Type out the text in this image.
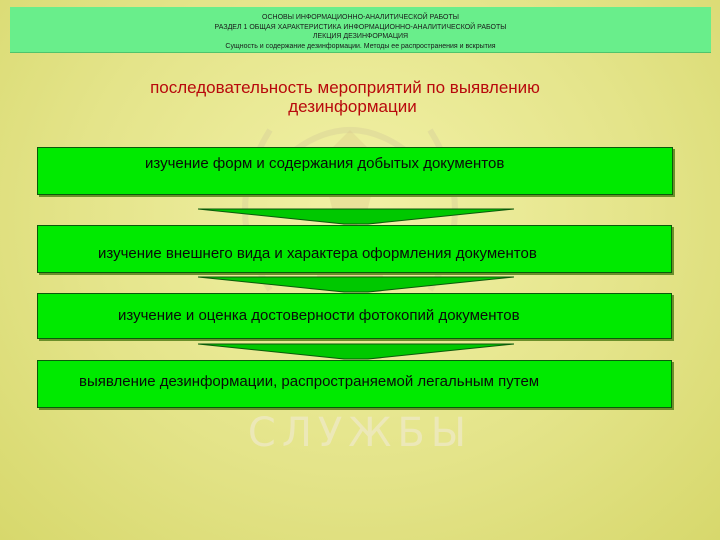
ОСНОВЫ ИНФОРМАЦИОННО-АНАЛИТИЧЕСКОЙ РАБОТЫ
РАЗДЕЛ 1 ОБЩАЯ ХАРАКТЕРИСТИКА ИНФОРМАЦИОННО-АНАЛИТИЧЕСКОЙ РАБОТЫ
ЛЕКЦИЯ ДЕЗИНФОРМАЦИЯ
Сущность и содержание дезинформации. Методы ее распространения и вскрытия
СЛУЖБЫ
последовательность мероприятий по выявлению
дезинформации
изучение форм и содержания добытых документов
изучение внешнего вида и характера оформления документов
изучение и оценка достоверности фотокопий документов
выявление дезинформации, распространяемой легальным путем
